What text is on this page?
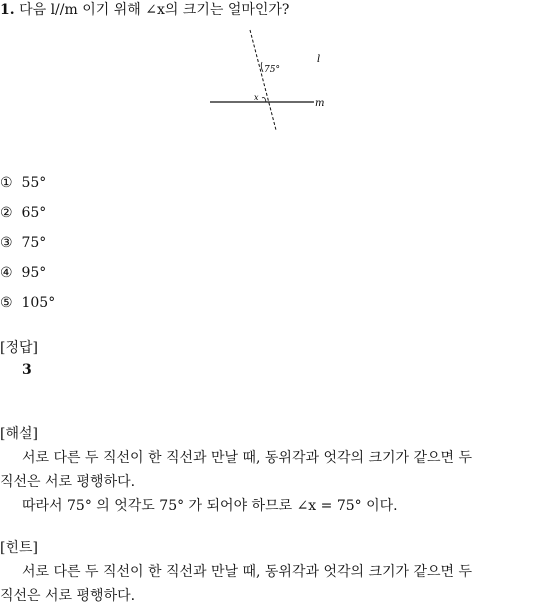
1. 다음 l//m 이기 위해 ∠x의 크기는 얼마인가?
75°
x
l
m
① 55°
② 65°
③ 75°
④ 95°
⑤ 105°
[정답]
3
[해설]
서로 다른 두 직선이 한 직선과 만날 때, 동위각과 엇각의 크기가 같으면 두
직선은 서로 평행하다.
따라서 75° 의 엇각도 75° 가 되어야 하므로 ∠x = 75° 이다.
[힌트]
서로 다른 두 직선이 한 직선과 만날 때, 동위각과 엇각의 크기가 같으면 두
직선은 서로 평행하다.
